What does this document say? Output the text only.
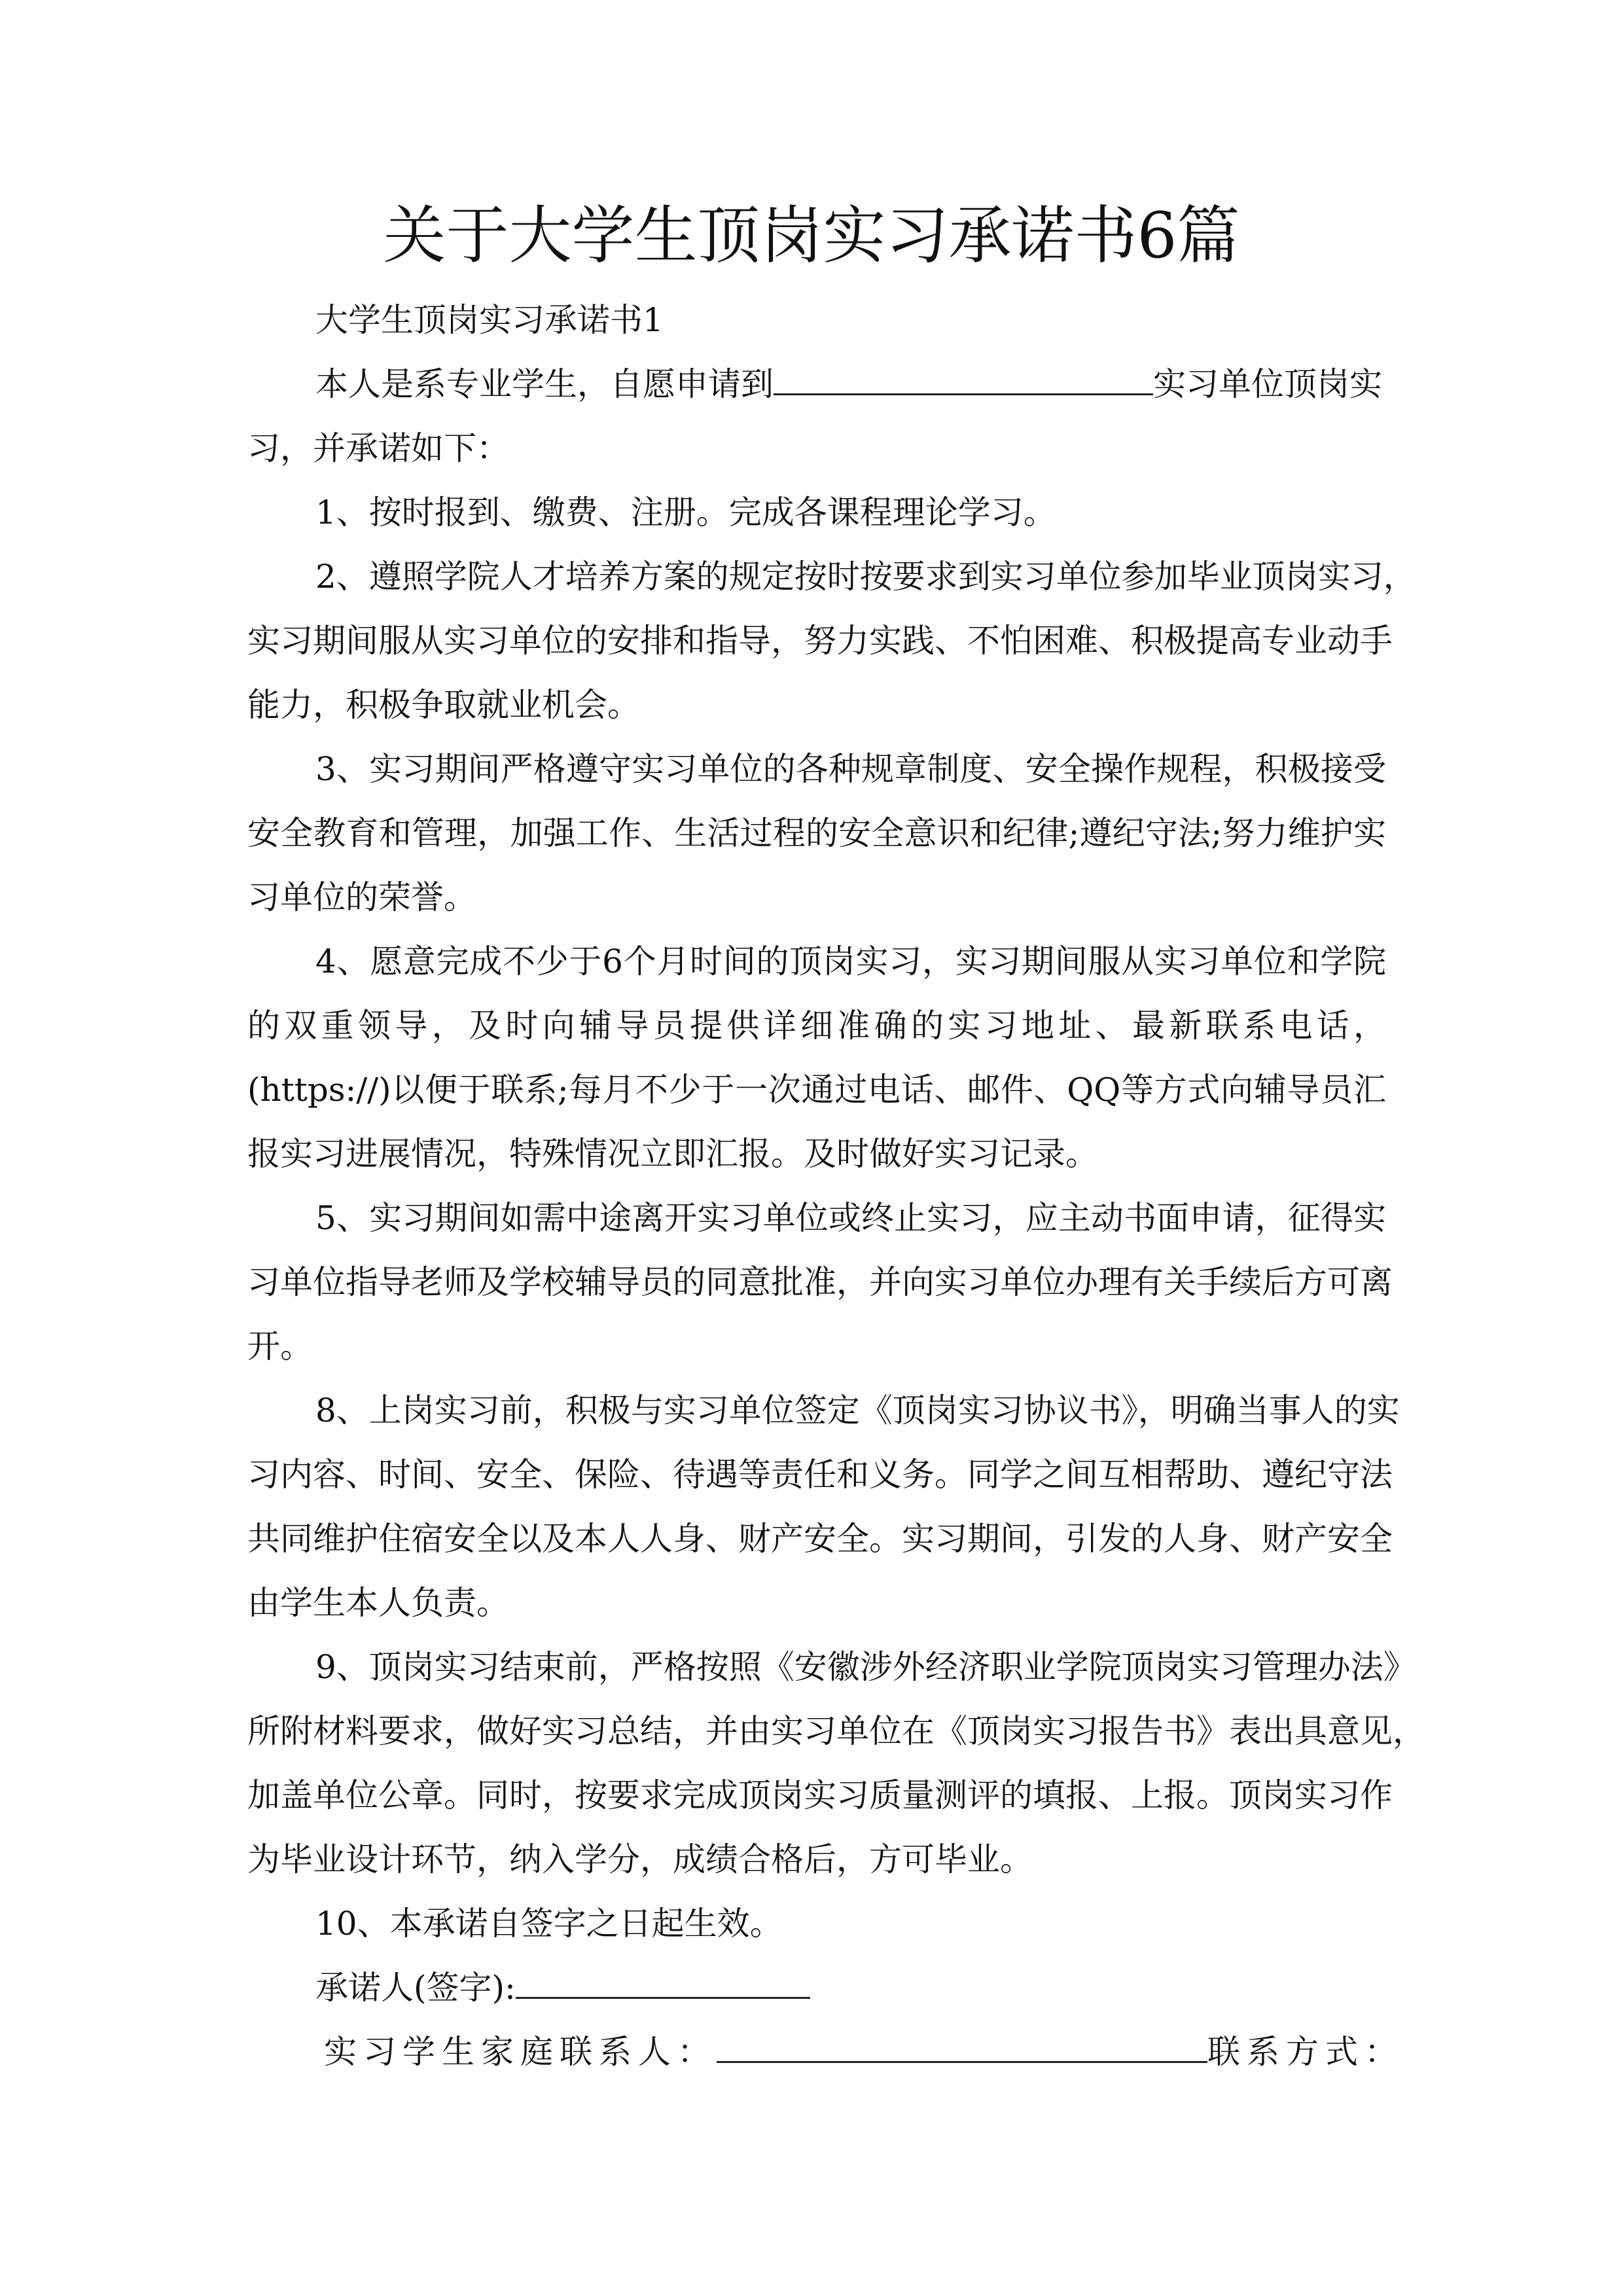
关于大学生顶岗实习承诺书6篇
大学生顶岗实习承诺书1
本人是系专业学生，自愿申请到	实习单位顶岗实
习，并承诺如下：
1、按时报到、缴费、注册。完成各课程理论学习。
2、遵照学院人才培养方案的规定按时按要求到实习单位参加毕业顶岗实习，
实习期间服从实习单位的安排和指导，努力实践、不怕困难、积极提高专业动手
能力，积极争取就业机会。
3、实习期间严格遵守实习单位的各种规章制度、安全操作规程，积极接受
安全教育和管理，加强工作、生活过程的安全意识和纪律;遵纪守法;努力维护实
习单位的荣誉。
4、愿意完成不少于6个月时间的顶岗实习，实习期间服从实习单位和学院
的双重领导，及时向辅导员提供详细准确的实习地址、最新联系电话，
(https://)以便于联系;每月不少于一次通过电话、邮件、QQ等方式向辅导员汇
报实习进展情况，特殊情况立即汇报。及时做好实习记录。
5、实习期间如需中途离开实习单位或终止实习，应主动书面申请，征得实
习单位指导老师及学校辅导员的同意批准，并向实习单位办理有关手续后方可离
开。
8、上岗实习前，积极与实习单位签定《顶岗实习协议书》，明确当事人的实
习内容、时间、安全、保险、待遇等责任和义务。同学之间互相帮助、遵纪守法
共同维护住宿安全以及本人人身、财产安全。实习期间，引发的人身、财产安全
由学生本人负责。
9、顶岗实习结束前，严格按照《安徽涉外经济职业学院顶岗实习管理办法》
所附材料要求，做好实习总结，并由实习单位在《顶岗实习报告书》表出具意见，
加盖单位公章。同时，按要求完成顶岗实习质量测评的填报、上报。顶岗实习作
为毕业设计环节，纳入学分，成绩合格后，方可毕业。
10、本承诺自签字之日起生效。
承诺人(签字):
实习学生家庭联系人：	联系方式：
